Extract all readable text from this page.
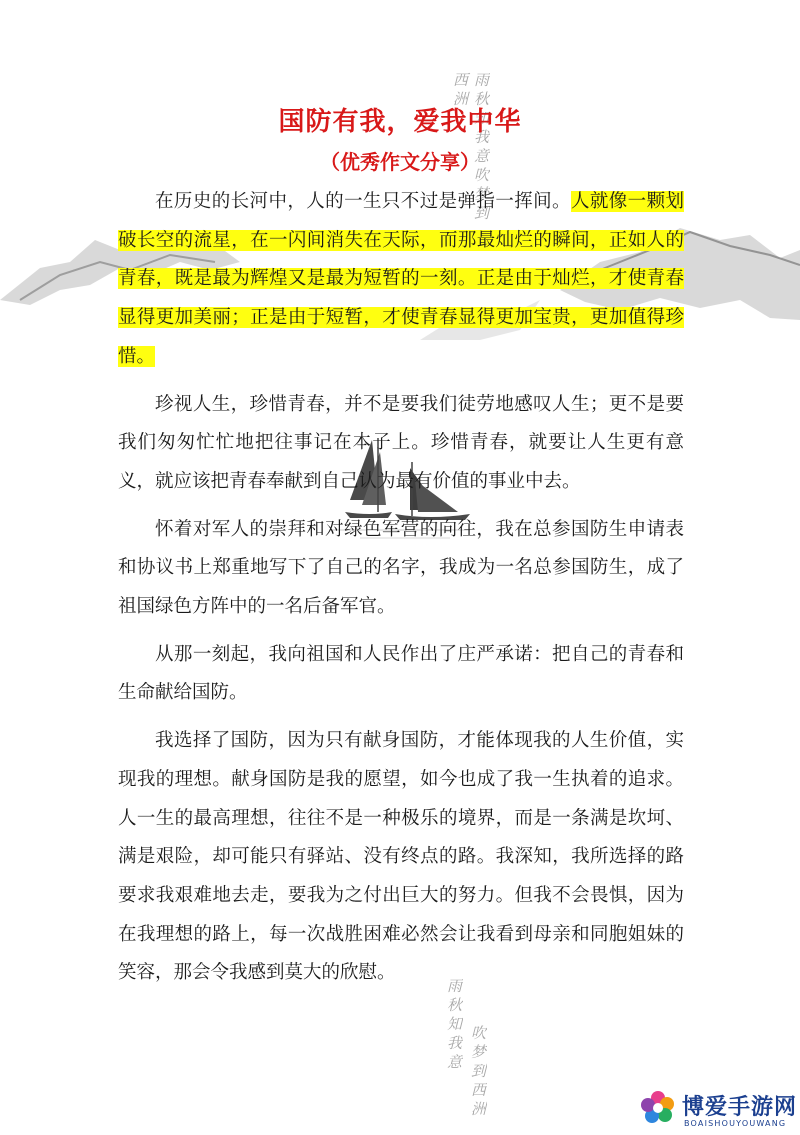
雨秋知我意吹梦到西洲
雨秋知我意 吹梦到西洲
国防有我，爱我中华
（优秀作文分享）

在历史的长河中，人的一生只不过是弹指一挥间。人就像一颗划破长空的流星，在一闪间消失在天际，而那最灿烂的瞬间，正如人的青春，既是最为辉煌又是最为短暂的一刻。正是由于灿烂，才使青春显得更加美丽；正是由于短暂，才使青春显得更加宝贵，更加值得珍惜。

珍视人生，珍惜青春，并不是要我们徒劳地感叹人生；更不是要我们匆匆忙忙地把往事记在本子上。珍惜青春，就要让人生更有意义，就应该把青春奉献到自己认为最有价值的事业中去。

怀着对军人的崇拜和对绿色军营的向往，我在总参国防生申请表和协议书上郑重地写下了自己的名字，我成为一名总参国防生，成了祖国绿色方阵中的一名后备军官。

从那一刻起，我向祖国和人民作出了庄严承诺：把自己的青春和生命献给国防。

我选择了国防，因为只有献身国防，才能体现我的人生价值，实现我的理想。献身国防是我的愿望，如今也成了我一生执着的追求。人一生的最高理想，往往不是一种极乐的境界，而是一条满是坎坷、满是艰险，却可能只有驿站、没有终点的路。我深知，我所选择的路要求我艰难地去走，要我为之付出巨大的努力。但我不会畏惧，因为在我理想的路上，每一次战胜困难必然会让我看到母亲和同胞姐妹的笑容，那会令我感到莫大的欣慰。

博爱手游网
BOAISHOUYOUWANG
